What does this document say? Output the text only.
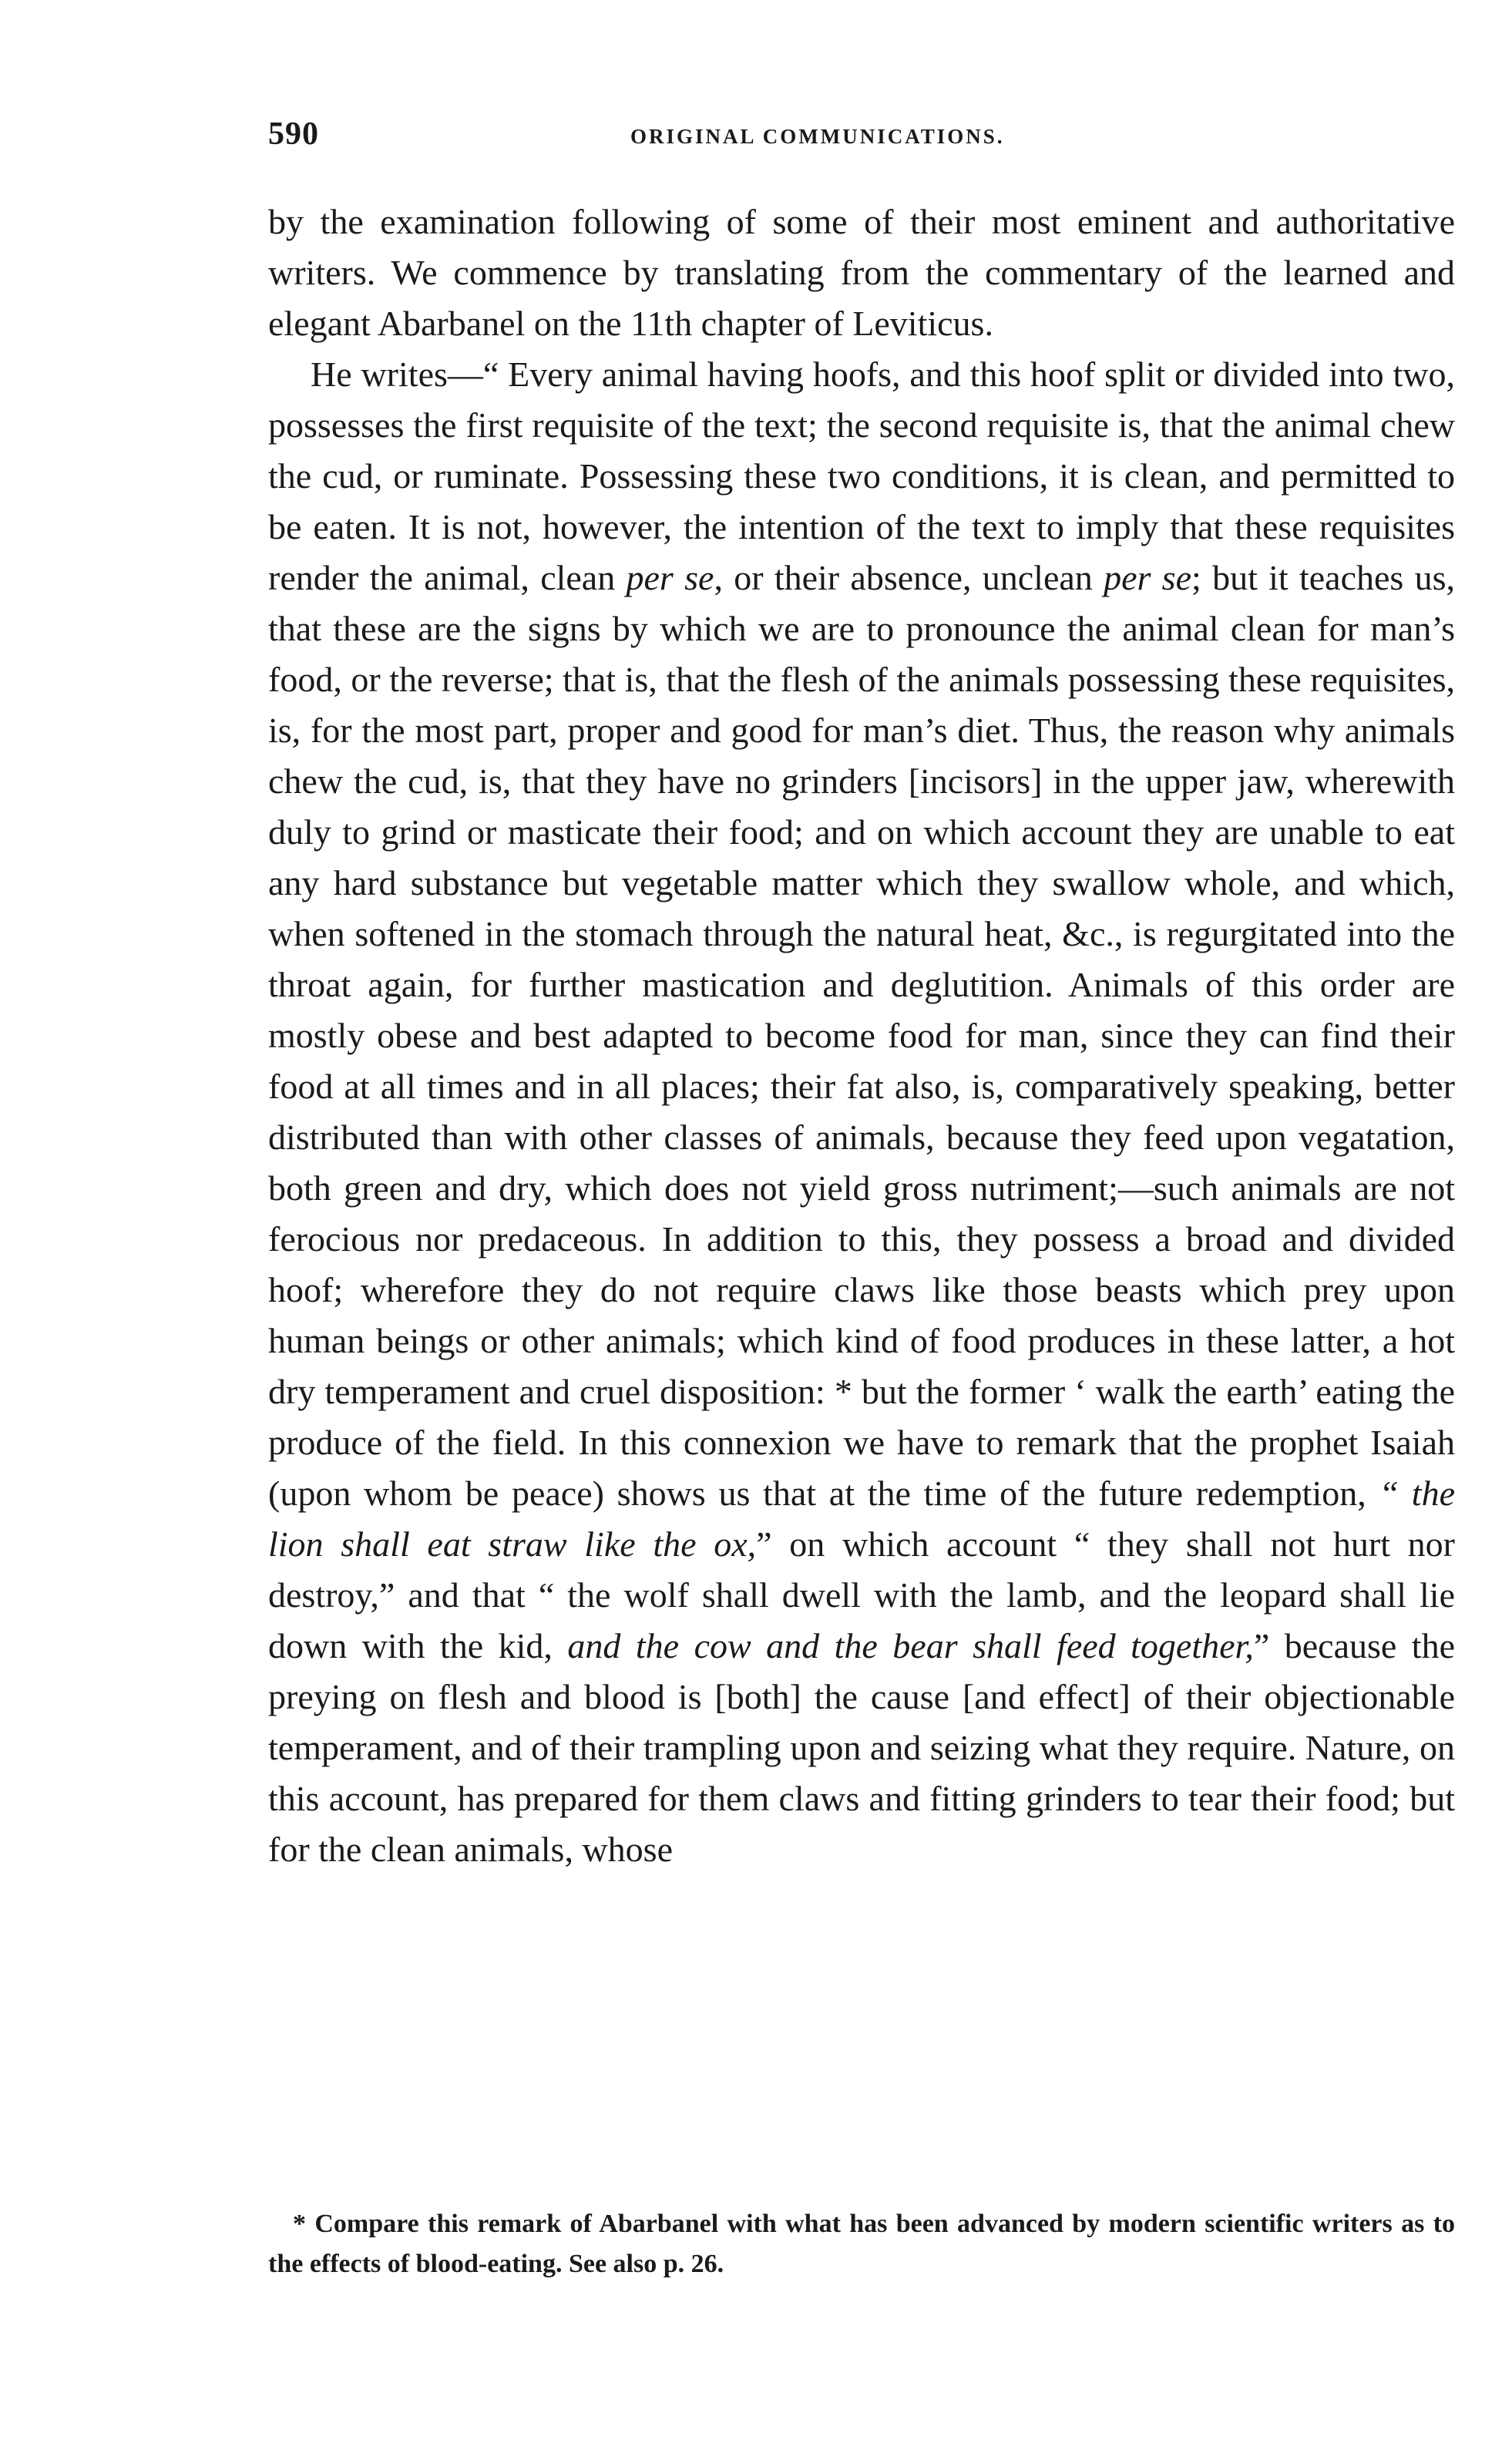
590	ORIGINAL COMMUNICATIONS.

by the examination following of some of their most eminent and authoritative writers. We commence by translating from the commentary of the learned and elegant Abarbanel on the 11th chapter of Leviticus.

He writes—“ Every animal having hoofs, and this hoof split or divided into two, possesses the first requisite of the text; the second requisite is, that the animal chew the cud, or ruminate. Possessing these two conditions, it is clean, and permitted to be eaten. It is not, however, the intention of the text to imply that these requisites render the animal, clean per se, or their absence, unclean per se; but it teaches us, that these are the signs by which we are to pronounce the animal clean for man’s food, or the reverse; that is, that the flesh of the animals possessing these requisites, is, for the most part, proper and good for man’s diet. Thus, the reason why animals chew the cud, is, that they have no grinders [incisors] in the upper jaw, wherewith duly to grind or masticate their food; and on which account they are unable to eat any hard substance but vegetable matter which they swallow whole, and which, when softened in the stomach through the natural heat, &c., is regurgitated into the throat again, for further mastication and deglutition. Animals of this order are mostly obese and best adapted to become food for man, since they can find their food at all times and in all places; their fat also, is, comparatively speaking, better distributed than with other classes of animals, because they feed upon vegatation, both green and dry, which does not yield gross nutriment;—such animals are not ferocious nor predaceous. In addition to this, they possess a broad and divided hoof; wherefore they do not require claws like those beasts which prey upon human beings or other animals; which kind of food produces in these latter, a hot dry temperament and cruel disposition: * but the former ‘ walk the earth’ eating the produce of the field. In this connexion we have to remark that the prophet Isaiah (upon whom be peace) shows us that at the time of the future redemption, “ the lion shall eat straw like the ox,” on which account “ they shall not hurt nor destroy,” and that “ the wolf shall dwell with the lamb, and the leopard shall lie down with the kid, and the cow and the bear shall feed together,” because the preying on flesh and blood is [both] the cause [and effect] of their objectionable temperament, and of their trampling upon and seizing what they require. Nature, on this account, has prepared for them claws and fitting grinders to tear their food; but for the clean animals, whose

* Compare this remark of Abarbanel with what has been advanced by modern scientific writers as to the effects of blood-eating. See also p. 26.
